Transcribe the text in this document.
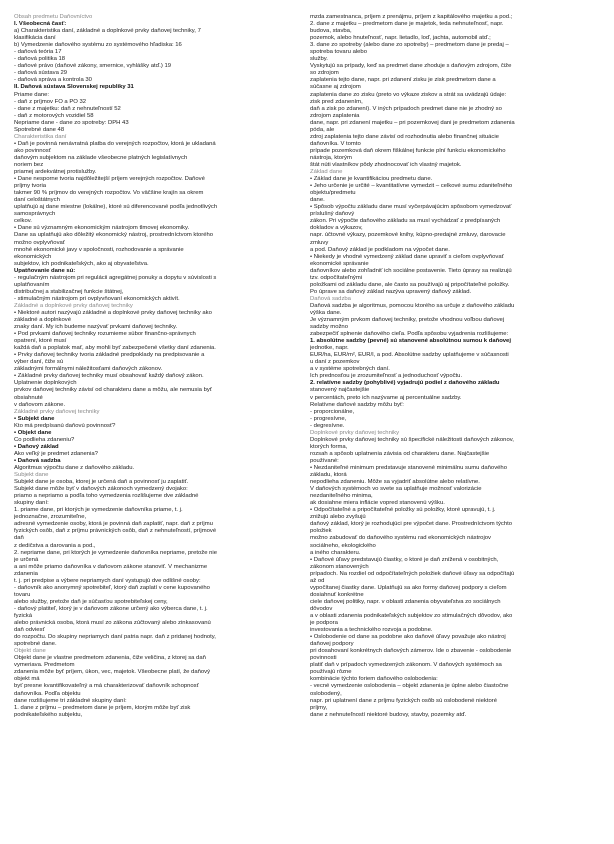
Obsah predmetu Daňovníctvo
I. Všeobecná časť:
a) Charakteristika daní, základné a doplnkové prvky daňovej techniky, 7
klasifikácia daní
b) Vymedzenie daňového systému zo systémového hľadiska: 16
- daňová teória 17
- daňová politika 18
- daňové právo (daňové zákony, smernice, vyhlášky atď.) 19
- daňová sústava 29
- daňová správa a kontrola 30
II. Daňová sústava Slovenskej republiky 31
Priame dane:
- daň z príjmov FO a PO 32
- dane z majetku: daň z nehnuteľností 52
- daň z motorových vozidiel 58
Nepriame dane - dane zo spotreby: DPH 43
Spotrebné dane 48
Charakteristika daní
• Daň je povinná nenávratná platba do verejných rozpočtov, ktorá je ukladaná
ako povinnosť
daňovým subjektom na základe všeobecne platných legislatívnych
noriem bez
priamej ardekvátnej protislužby.
• Dane nesporne tvoria najdôležitejší príjem verejných rozpočtov. Daňové
príjmy tvoria
takmer 90 % príjmov do verejných rozpočtov. Vo väčšine krajín sa okrem
daní celoštátnych
uplatňujú aj dane miestne (lokálne), ktoré sú diferencované podľa jednotlivých
samosprávnych
celkov.
• Dane sú významným ekonomickým nástrojom tlmovej ekonomiky.
Dane sa uplatňujú ako dôležitý ekonomický nástroj, prostredníctvom ktorého
možno ovplyvňovať
mnohé ekonomické javy v spoločnosti, rozhodovanie a správanie
ekonomických
subjektov, ich podnikateľských, ako aj obyvateľstva.
Úpatňovanie dane sú:
- regulačným nástrojom pri regulácii agregátnej ponuky a dopytu v súvislosti s
uplatňovaním
distribučnej a stabilizačnej funkcie štátnej,
- stimulačným nástrojom pri ovplyvňovaní ekonomických aktivít.
Základné a doplnkové prvky daňovej techniky
• Niektoré autori nazývajú základné a doplnkové prvky daňovej techniky ako
základné a doplnkové
znaky daní. My ich budeme nazývať prvkami daňovej techniky.
• Pod prvkami daňovej techniky rozumieme súbor finančno-správnych
opatrení, ktoré musí
každá daň a poplatok mať, aby mohli byť zabezpečené všetky daní zdanenia.
• Prvky daňovej techniky tvoria základné predpoklady na predpisovanie a
výber daní, čiže sú
základnými formálnymi náležitosťami daňových zákonov.
• Základné prvky daňovej techniky musí obsahovať každý daňový zákon.
Uplatnenie doplnkových
prvkov daňovej techniky závisí od charakteru dane a môžu, ale nemusia byť
obsiahnuté
v daňovom zákone.
Základné prvky daňovej techniky
• Subjekt dane
Kto má predpísanú daňovú povinnosť?
• Objekt dane
Čo podlieha zdaneniu?
• Daňový základ
Ako veľký je predmet zdanenia?
• Daňová sadzba
Algoritmus výpočtu dane z daňového základu.
Subjekt dane
Subjekt dane je osoba, ktorej je určená daň a povinnosť ju zaplatiť.
Subjekt dane môže byť v daňových zákonoch vymedzený dvojako:
priamo a nepriamo a podľa toho vymedzenia rozlišujeme dve základné
skupiny daní:
1. priame dane, pri ktorých je vymedzenie daňovníka priame, t. j.
jednoznačne, zrozumiteľne,
adresné vymedzenie osoby, ktorá je povinná daň zaplatiť, napr. daň z príjmu
fyzických osôb, daň z príjmu právnických osôb, daň z nehnuteľností, príjmové
daň
z dedičstva a darovania a pod.,
2. nepriame dane, pri ktorých je vymedzenie daňovníka nepriame, pretože nie
je určená
a ani môže priamo daňovníka v daňovom zákone stanoviť. V mechanizme
zdanenia
t. j. pri predpise a výbere nepriamych daní vystupujú dve odlišné osoby:
- daňovník ako anonymný spotrebiteľ, ktorý daň zaplatí v cene kupovaného
tovaru
alebo služby, pretože daň je súčasťou spotrebiteľskej ceny,
- daňový platiteľ, ktorý je v daňovom zákone určený ako výberca dane, t. j.
fyzická
alebo právnická osoba, ktorá musí zo zákona zúčtovaný alebo zinkasovanú
daň odviesť
do rozpočtu. Do skupiny nepriamych daní patria napr. daň z pridanej hodnoty,
spotrebné dane.
Objekt dane
Objekt dane je vlastne predmetom zdanenia, čiže veličina, z ktorej sa daň
vymeriava. Predmetom
zdanenia môže byť príjem, úkon, vec, majetok. Všeobecne platí, že daňový
objekt má
byť presne kvantifikovateľný a má charakterizovať daňovník schopnosť
daňovníka. Podľa objektu
dane rozlišujeme tri základné skupiny daní:
1. dane z príjmu – predmetom dane je príjem, ktorým môže byť zisk
podnikateľského subjektu,
mzda zamestnanca, príjem z prenájmu, príjem z kapitálového majetku a pod.;
2. dane z majetku – predmetom dane je majetok, teda nehnuteľnosť, napr.
budova, stavba,
pozemok, alebo hnuteľnosť, napr. lietadlo, loď, jachta, automobil atď.;
3. dane zo spotreby (alebo dane zo spotreby) – predmetom dane je predaj –
spotreba tovaru alebo
služby.
Vyskytujú sa prípady, keď sa predmet dane zhoduje s daňovým zdrojom, čiže
so zdrojom
zaplatenia tejto dane, napr. pri zdanení zisku je zisk predmetom dane a
súčasne aj zdrojom
zaplatenia dane zo zisku (preto vo výkaze ziskov a strát sa uvádzajú údaje:
zisk pred zdanením,
daň a zisk po zdanení). V iných prípadoch predmet dane nie je zhodný so
zdrojom zaplatenia
dane, napr. pri zdanení majetku – pri pozemkovej dani je predmetom zdanenia
póda, ale
zdroj zaplatenia tejto dane závisí od rozhodnutia alebo finančnej situácie
daňovníka. V tomto
prípade pozemková daň okrem fiškálnej funkcie plní funkciu ekonomického
nástroja, ktorým
štát núti vlastníkov pôdy zhodnocovať ich vlastný majetok.
Základ dane
• Základ dane je kvantifikáciou predmetu dane.
• Jeho určenie je určité – kvantitatívne vymedzit – celkové sumu zdaniteľného
objektu/predmetu
dane.
• Spôsob výpočtu základu dane musí vyčerpávajúcim spôsobom vymedzovať
príslušný daňový
zákon. Pri výpočte daňového základu sa musí vychádzať z predpísaných
dokladov a výkazov,
napr. účtovné výkazy, pozemkové knihy, kúpno-predajné zmluvy, darovacie
zmluvy
a pod. Daňový základ je podkladom na výpočet dane.
• Niekedy je vhodné vymedzený základ dane upraviť s cieľom ovplyvňovať
ekonomické správanie
daňovníkov alebo zohľadniť ich sociálne postavenie. Tieto úpravy sa realizujú
tzv. odpočítateľnými
položkami od základu dane, ale často sa používajú aj pripočítateľné položky.
Po úprave sa daňový základ nazýva upravený daňový základ.
Daňová sadzba
Daňová sadzba je algoritmus, pomocou ktorého sa určuje z daňového základu
výška dane.
Je významným prvkom daňovej techniky, pretože vhodnou voľbou daňovej
sadzby možno
zabezpečiť splnenie daňového cieľa. Podľa spôsobu vyjadrenia rozlišujeme:
1. absolútne sadzby (pevné) sú stanovené absolútnou sumou k daňovej
jednotke, napr.
EUR/ha, EUR/m², EUR/l, a pod. Absolútne sadzby uplatňujeme v súčasnosti
u daní z pozemkov
a v systéme spotrebných daní.
Ich prednosťou je zrozumiteľnosť a jednoduchosť výpočtu.
2. relatívne sadzby (pohyblivé) vyjadrujú podiel z daňového základu
stanovený najčastejšie
v percentách, preto ich nazývame aj percentuálne sadzby.
Relatívne daňové sadzby môžu byť:
- proporcionálne,
- progresívne,
- degresívne.
Doplnkové prvky daňovej techniky
Doplnkové prvky daňovej techniky sú špecifické náležitosti daňových zákonov,
ktorých forma,
rozsah a spôsob uplatnenia závisia od charakteru dane. Najčastejšie
používané:
• Nezdaniteľné minimum predstavuje stanovené minimálnu sumu daňového
základu, ktorá
nepodlieha zdaneniu. Môže sa vyjadriť absolútne alebo relatívne.
V daňových systémoch vo svete sa uplatňuje možnosť valorizácie
nezdaniteľného minima,
ak dosiahne miera inflácie vopred stanovenú výšku.
• Odpočítateľné a pripočítateľné položky sú položky, ktoré upravujú, t. j.
znižujú alebo zvyšujú
daňový základ, ktorý je rozhodujúci pre výpočet dane. Prostredníctvom týchto
položiek
možno zabudovať do daňového systému rad ekonomických nástrojov
sociálneho, ekologického
a iného charakteru.
• Daňové úľavy predstavujú čiastky, o ktoré je daň znížená v osobitných,
zákonom stanovených
prípadoch. Na rozdiel od odpočítateľných položiek daňové úľavy sa odpočítajú
až od
vypočítanej čiastky dane. Uplatňujú sa ako formy daňovej podpory s cieľom
dosiahnuť konkrétne
ciele daňovej politiky, napr. v oblasti zdanenia obyvateľstva zo sociálnych
dôvodov
a v oblasti zdanenia podnikateľských subjektov zo stimulačných dôvodov, ako
je podpora
investovania a technického rozvoja a podobne.
• Oslobodenie od dane sa podobne ako daňové úľavy považuje ako nástroj
daňovej podpory
pri dosahovaní konkrétnych daňových zámerov. Ide o zbavenie - oslobodenie
povinnosti
platiť daň v prípadoch vymedzených zákonom. V daňových systémoch sa
používajú rôzne
kombinácie týchto foriem daňového oslobodenia:
- vecné vymedzenie oslobodenia – objekt zdanenia je úplne alebo čiastočne
oslobodený,
napr. pri uplatnení dane z príjmu fyzických osôb sú oslobodené niektoré
príjmy,
dane z nehnuteľností niektoré budovy, stavby, pozemky atď.
